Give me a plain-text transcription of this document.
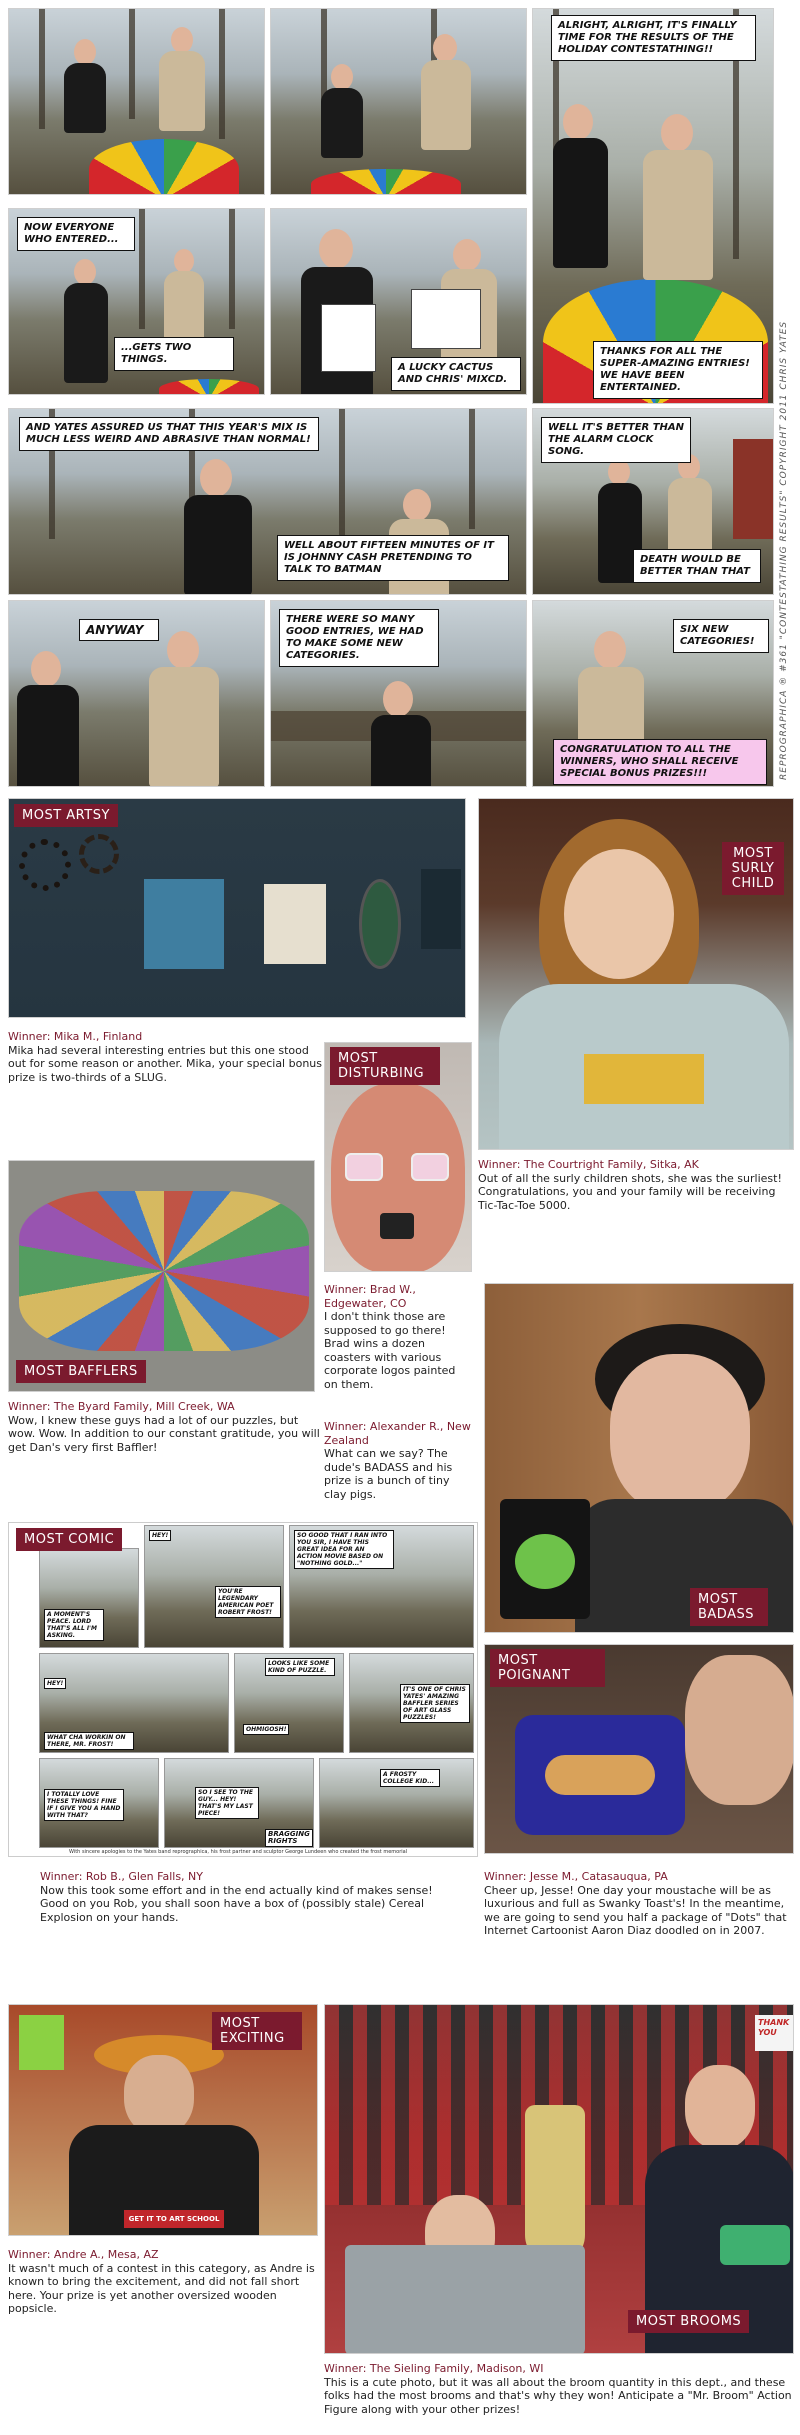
ALRIGHT, ALRIGHT, IT'S FINALLY TIME FOR THE RESULTS OF THE HOLIDAY CONTESTATHING!!
THANKS FOR ALL THE SUPER-AMAZING ENTRIES! WE HAVE BEEN ENTERTAINED.
NOW EVERYONE WHO ENTERED...
...GETS TWO THINGS.
A LUCKY CACTUS AND CHRIS' MIXCD.
AND YATES ASSURED US THAT THIS YEAR'S MIX IS MUCH LESS WEIRD AND ABRASIVE THAN NORMAL!
WELL ABOUT FIFTEEN MINUTES OF IT IS JOHNNY CASH PRETENDING TO TALK TO BATMAN
WELL IT'S BETTER THAN THE ALARM CLOCK SONG.
DEATH WOULD BE BETTER THAN THAT
ANYWAY
THERE WERE SO MANY GOOD ENTRIES, WE HAD TO MAKE SOME NEW CATEGORIES.
SIX NEW CATEGORIES!
CONGRATULATION TO ALL THE WINNERS, WHO SHALL RECEIVE SPECIAL BONUS PRIZES!!!	REPROGRAPHICA ® #361 "CONTESTATHING RESULTS" COPYRIGHT 2011 CHRIS YATES
MOST ARTSY
Winner: Mika M., Finland

Mika had several interesting entries but this one stood out for some reason or another. Mika, your special bonus prize is two-thirds of a SLUG.

MOST SURLY CHILD
Winner: The Courtright Family, Sitka, AK

Out of all the surly children shots, she was the surliest! Congratulations, you and your family will be receiving Tic-Tac-Toe 5000.

MOST DISTURBING
Winner: Brad W., Edgewater, CO

I don't think those are supposed to go there! Brad wins a dozen coasters with various corporate logos painted on them.

MOST BAFFLERS
Winner: The Byard Family, Mill Creek, WA

Wow, I knew these guys had a lot of our puzzles, but wow. Wow. In addition to our constant gratitude, you will get Dan's very first Baffler!

MOST BADASS
Winner: Alexander R., New Zealand

What can we say? The dude's BADASS and his prize is a bunch of tiny clay pigs.

A MOMENT'S PEACE. LORD THAT'S ALL I'M ASKING.
HEY!
YOU'RE LEGENDARY AMERICAN POET ROBERT FROST!
SO GOOD THAT I RAN INTO YOU SIR, I HAVE THIS GREAT IDEA FOR AN ACTION MOVIE BASED ON "NOTHING GOLD..."
HEY!
WHAT CHA WORKIN ON THERE, MR. FROST!
LOOKS LIKE SOME KIND OF PUZZLE.
OHMIGOSH!
IT'S ONE OF CHRIS YATES' AMAZING BAFFLER SERIES OF ART GLASS PUZZLES!
I TOTALLY LOVE THESE THINGS! FINE IF I GIVE YOU A HAND WITH THAT?
SO I SEE TO THE GUY... HEY! THAT'S MY LAST PIECE!
BRAGGING RIGHTS
A FROSTY COLLEGE KID...
With sincere apologies to the Yates band reprographica, his frost partner and sculptor George Lundeen who created the frost memorial
MOST COMIC
Winner: Rob B., Glen Falls, NY

Now this took some effort and in the end actually kind of makes sense! Good on you Rob, you shall soon have a box of (possibly stale) Cereal Explosion on your hands.

MOST POIGNANT
Winner: Jesse M., Catasauqua, PA

Cheer up, Jesse! One day your moustache will be as luxurious and full as Swanky Toast's! In the meantime, we are going to send you half a package of "Dots" that Internet Cartoonist Aaron Diaz doodled on in 2007.

GET IT TO ART SCHOOL
MOST EXCITING
Winner: Andre A., Mesa, AZ

It wasn't much of a contest in this category, as Andre is known to bring the excitement, and did not fall short here. Your prize is yet another oversized wooden popsicle.

THANK YOU
MOST BROOMS
Winner: The Sieling Family, Madison, WI

This is a cute photo, but it was all about the broom quantity in this dept., and these folks had the most brooms and that's why they won! Anticipate a "Mr. Broom" Action Figure along with your other prizes!
